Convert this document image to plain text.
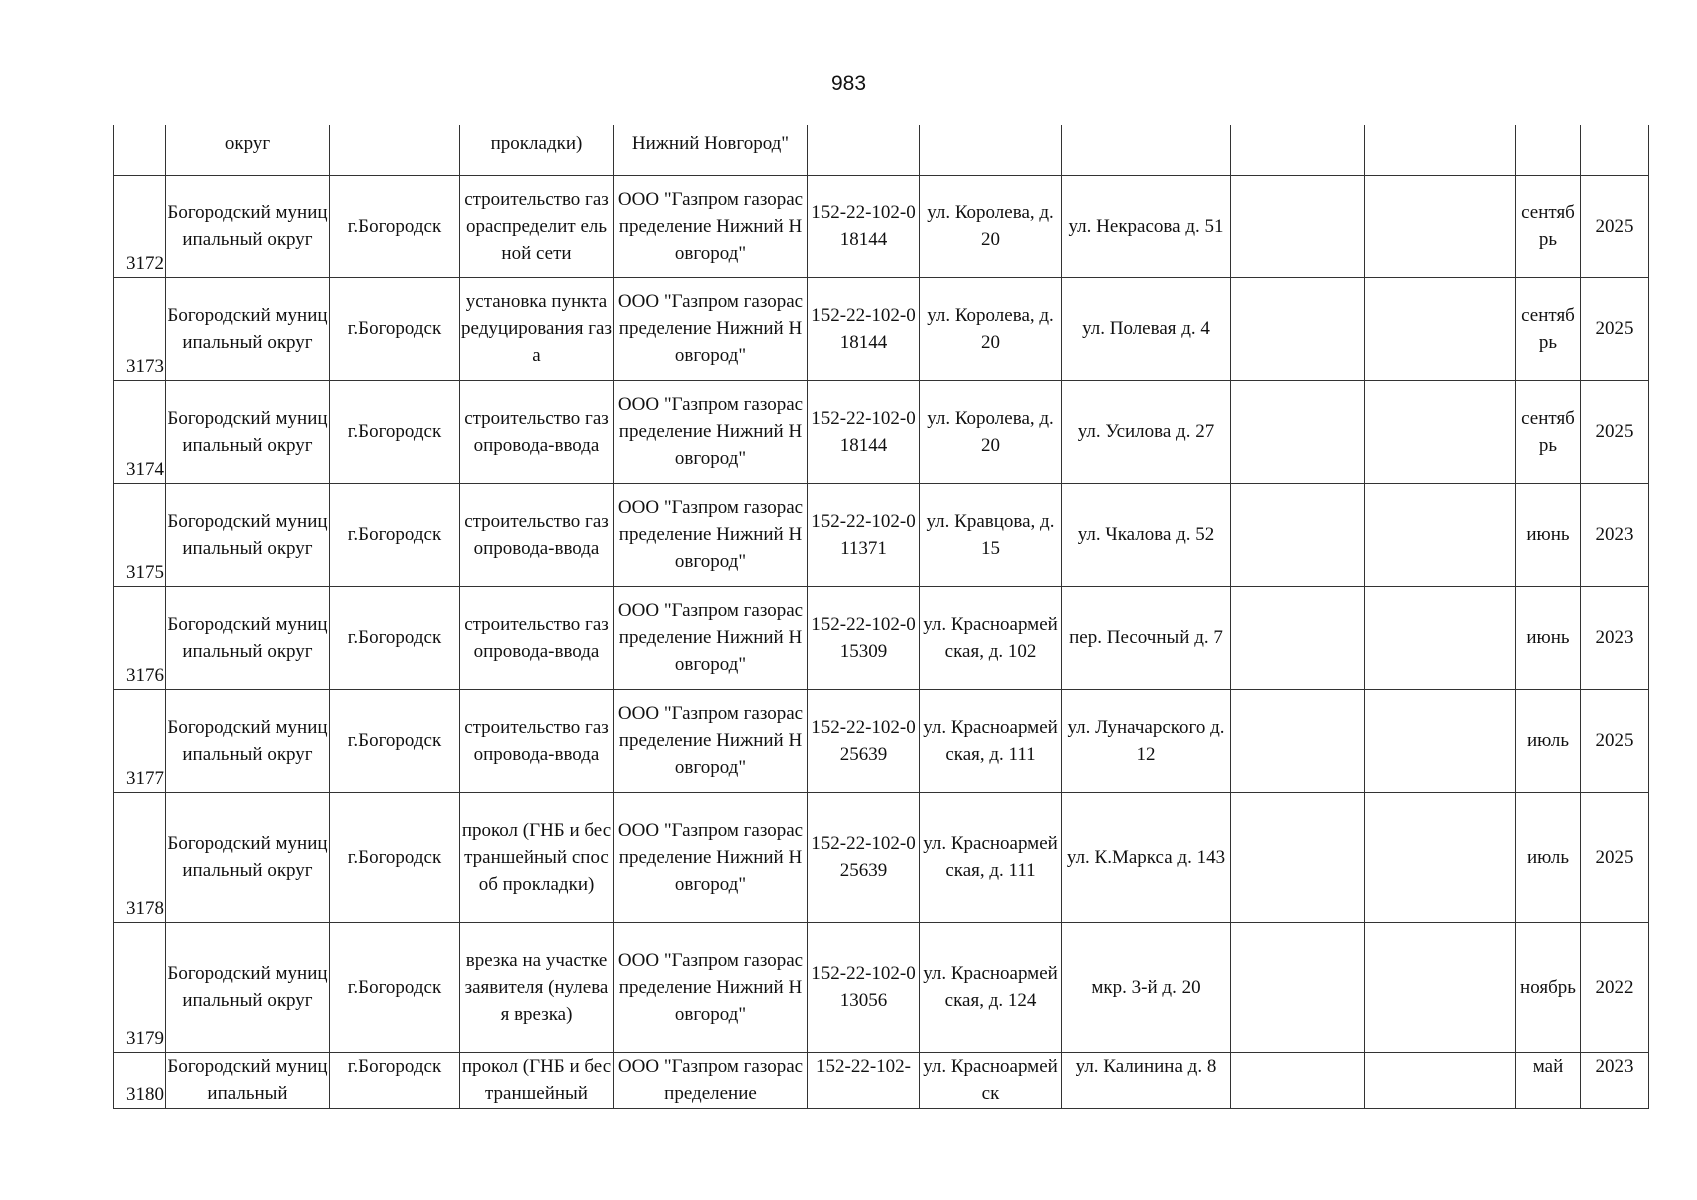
983
	округ		прокладки)	Нижний Новгород"							
3172	Богородский муниципальный округ	г.Богородск	строительство газораспределит ельной сети	ООО "Газпром газораспределение Нижний Новгород"	152-22-102-018144	ул. Королева, д. 20	ул. Некрасова д. 51			сентяб рь	2025
3173	Богородский муниципальный округ	г.Богородск	установка пункта редуцирования газа	ООО "Газпром газораспределение Нижний Новгород"	152-22-102-018144	ул. Королева, д. 20	ул. Полевая д. 4			сентяб рь	2025
3174	Богородский муниципальный округ	г.Богородск	строительство газопровода-ввода	ООО "Газпром газораспределение Нижний Новгород"	152-22-102-018144	ул. Королева, д. 20	ул. Усилова д. 27			сентяб рь	2025
3175	Богородский муниципальный округ	г.Богородск	строительство газопровода-ввода	ООО "Газпром газораспределение Нижний Новгород"	152-22-102-011371	ул. Кравцова, д. 15	ул. Чкалова д. 52			июнь	2023
3176	Богородский муниципальный округ	г.Богородск	строительство газопровода-ввода	ООО "Газпром газораспределение Нижний Новгород"	152-22-102-015309	ул. Красноармейская, д. 102	пер. Песочный д. 7			июнь	2023
3177	Богородский муниципальный округ	г.Богородск	строительство газопровода-ввода	ООО "Газпром газораспределение Нижний Новгород"	152-22-102-025639	ул. Красноармейская, д. 111	ул. Луначарского д. 12			июль	2025
3178	Богородский муниципальный округ	г.Богородск	прокол (ГНБ и бестраншейный способ прокладки)	ООО "Газпром газораспределение Нижний Новгород"	152-22-102-025639	ул. Красноармейская, д. 111	ул. К.Маркса д. 143			июль	2025
3179	Богородский муниципальный округ	г.Богородск	врезка на участке заявителя (нулевая врезка)	ООО "Газпром газораспределение Нижний Новгород"	152-22-102-013056	ул. Красноармейская, д. 124	мкр. 3-й д. 20			ноябрь	2022
3180	Богородский муниципальный	г.Богородск	прокол (ГНБ и бестраншейный	ООО "Газпром газораспределение	152-22-102-	ул. Красноармейск	ул. Калинина д. 8			май	2023
